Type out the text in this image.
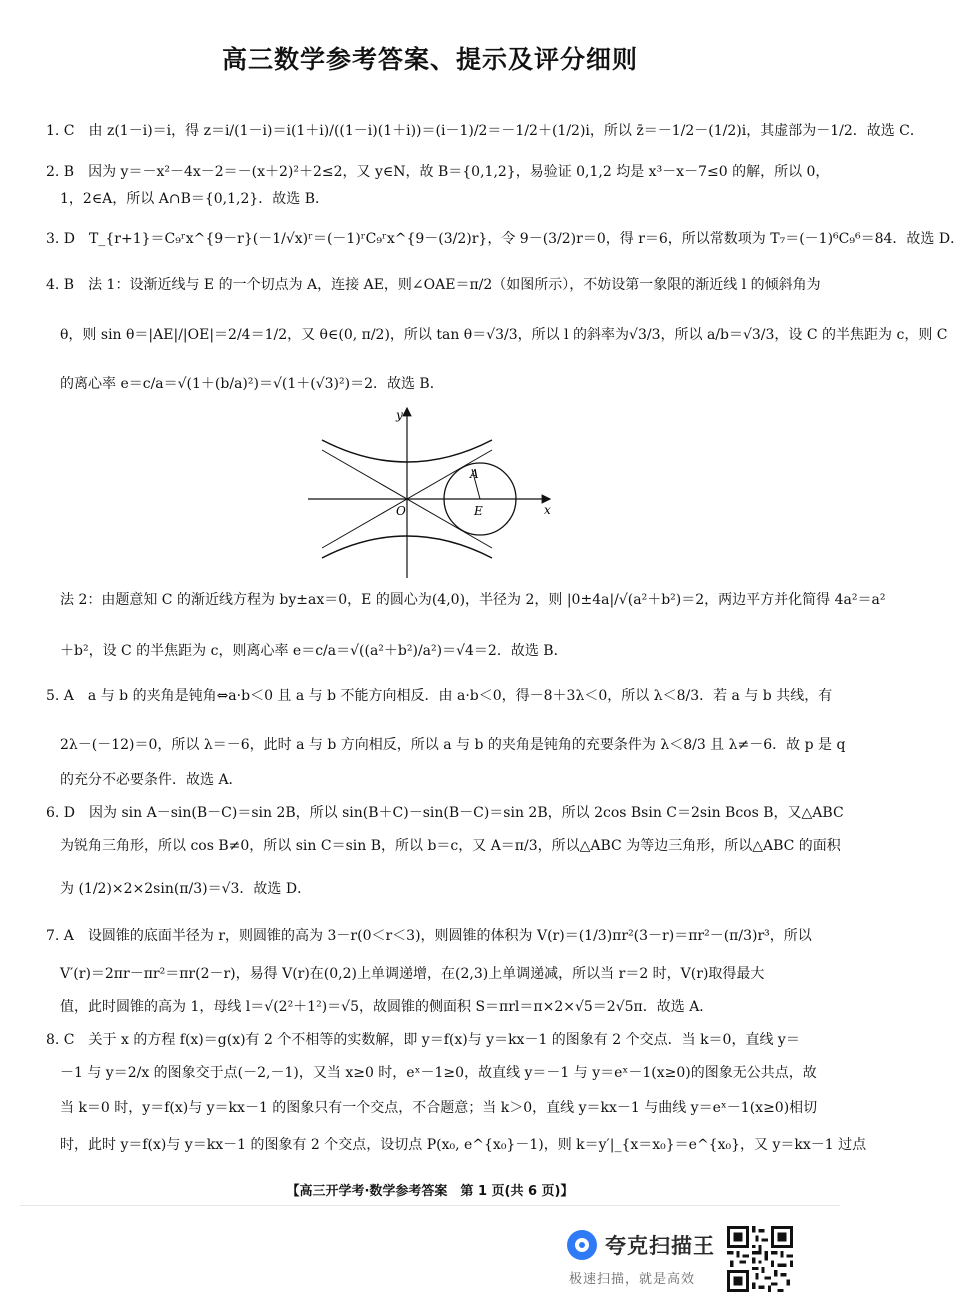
高三数学参考答案、提示及评分细则
1. C　由 z(1－i)＝i，得 z＝i/(1－i)＝i(1＋i)/((1－i)(1＋i))＝(i－1)/2＝－1/2＋(1/2)i，所以 z̄＝－1/2－(1/2)i，其虚部为－1/2．故选 C．
2. B　因为 y＝－x²－4x－2＝－(x＋2)²＋2≤2，又 y∈N，故 B＝{0,1,2}，易验证 0,1,2 均是 x³－x－7≤0 的解，所以 0，
1，2∈A，所以 A∩B＝{0,1,2}．故选 B．
3. D　T_{r+1}＝C₉ʳx^{9－r}(－1/√x)ʳ＝(－1)ʳC₉ʳx^{9－(3/2)r}，令 9－(3/2)r＝0，得 r＝6，所以常数项为 T₇＝(－1)⁶C₉⁶＝84．故选 D．
4. B　法 1：设渐近线与 E 的一个切点为 A，连接 AE，则∠OAE＝π/2（如图所示），不妨设第一象限的渐近线 l 的倾斜角为
θ，则 sin θ＝|AE|/|OE|＝2/4＝1/2，又 θ∈(0, π/2)，所以 tan θ＝√3/3，所以 l 的斜率为√3/3，所以 a/b＝√3/3，设 C 的半焦距为 c，则 C
的离心率 e＝c/a＝√(1＋(b/a)²)＝√(1＋(√3)²)＝2．故选 B．
y
x
O
A
E
法 2：由题意知 C 的渐近线方程为 by±ax＝0，E 的圆心为(4,0)，半径为 2，则 |0±4a|/√(a²＋b²)＝2，两边平方并化简得 4a²＝a²
＋b²，设 C 的半焦距为 c，则离心率 e＝c/a＝√((a²＋b²)/a²)＝√4＝2．故选 B．
5. A　a 与 b 的夹角是钝角⇔a·b＜0 且 a 与 b 不能方向相反．由 a·b＜0，得－8＋3λ＜0，所以 λ＜8/3．若 a 与 b 共线，有
2λ－(－12)＝0，所以 λ＝－6，此时 a 与 b 方向相反，所以 a 与 b 的夹角是钝角的充要条件为 λ＜8/3 且 λ≠－6．故 p 是 q
的充分不必要条件．故选 A．
6. D　因为 sin A－sin(B－C)＝sin 2B，所以 sin(B＋C)－sin(B－C)＝sin 2B，所以 2cos Bsin C＝2sin Bcos B，又△ABC
为锐角三角形，所以 cos B≠0，所以 sin C＝sin B，所以 b＝c，又 A＝π/3，所以△ABC 为等边三角形，所以△ABC 的面积
为 (1/2)×2×2sin(π/3)＝√3．故选 D．
7. A　设圆锥的底面半径为 r，则圆锥的高为 3－r(0＜r＜3)，则圆锥的体积为 V(r)＝(1/3)πr²(3－r)＝πr²－(π/3)r³，所以
V′(r)＝2πr－πr²＝πr(2－r)，易得 V(r)在(0,2)上单调递增，在(2,3)上单调递减，所以当 r＝2 时，V(r)取得最大
值，此时圆锥的高为 1，母线 l＝√(2²＋1²)＝√5，故圆锥的侧面积 S＝πrl＝π×2×√5＝2√5π．故选 A．
8. C　关于 x 的方程 f(x)＝g(x)有 2 个不相等的实数解，即 y＝f(x)与 y＝kx－1 的图象有 2 个交点．当 k＝0，直线 y＝
－1 与 y＝2/x 的图象交于点(－2,－1)，又当 x≥0 时，eˣ－1≥0，故直线 y＝－1 与 y＝eˣ－1(x≥0)的图象无公共点，故
当 k＝0 时，y＝f(x)与 y＝kx－1 的图象只有一个交点，不合题意；当 k＞0，直线 y＝kx－1 与曲线 y＝eˣ－1(x≥0)相切
时，此时 y＝f(x)与 y＝kx－1 的图象有 2 个交点，设切点 P(x₀, e^{x₀}－1)，则 k＝y′|_{x＝x₀}＝e^{x₀}，又 y＝kx－1 过点
【高三开学考·数学参考答案　第 1 页(共 6 页)】
夸克扫描王
极速扫描，就是高效
